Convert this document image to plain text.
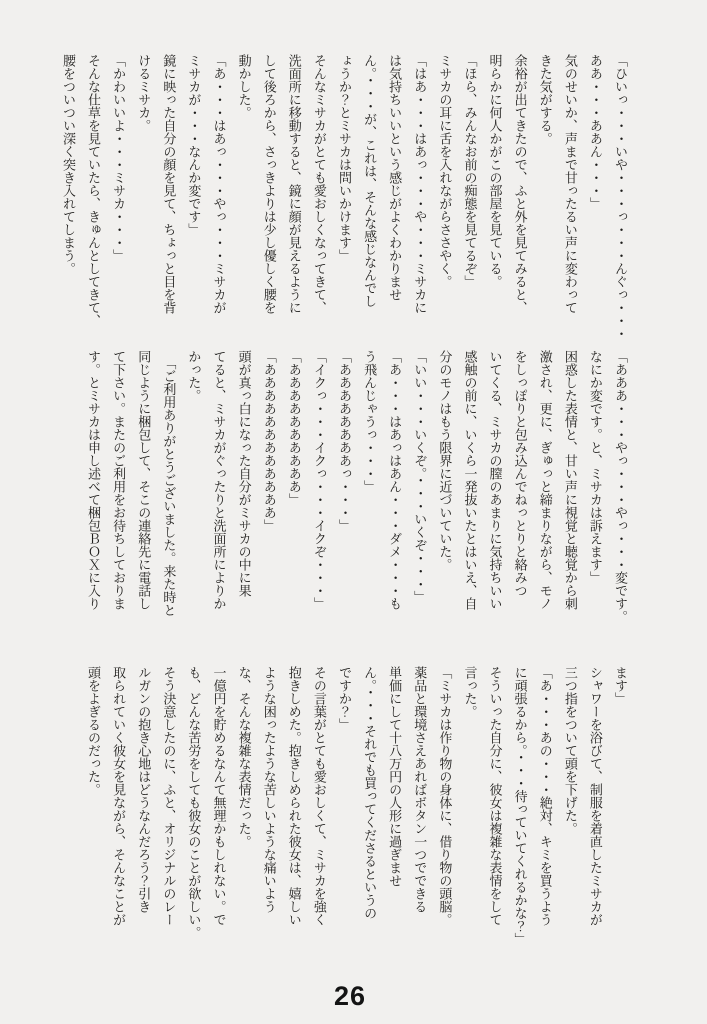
「ひいっ・・・いや・・・っ・・・んぐっ・・・

ああ・・・ああん・・・」

気のせいか、声まで甘ったるい声に変わって

きた気がする。

余裕が出てきたので、ふと外を見てみると、

明らかに何人かがこの部屋を見ている。

「ほら、みんなお前の痴態を見てるぞ」

ミサカの耳に舌を入れながらささやく。

「はあ・・・はあっ・・・や・・・ミサカに

は気持ちいいという感じがよくわかりませ

ん。・・・が、これは、そんな感じなんでし

ょうか？とミサカは問いかけます」

そんなミサカがとても愛おしくなってきて、

洗面所に移動すると、鏡に顔が見えるように

して後ろから、さっきよりは少し優しく腰を

動かした。

「あ・・・はあっ・・・やっ・・・ミサカが

ミサカが・・・なんか変です」

鏡に映った自分の顔を見て、ちょっと目を背

けるミサカ。

「かわいいよ・・・ミサカ・・・」

そんな仕草を見ていたら、きゅんとしてきて、

腰をついつい深く突き入れてしまう。

「あああ・・・やっ・・・やっ・・・変です。

なにか変です。と、ミサカは訴えます」

困惑した表情と、甘い声に視覚と聴覚から刺

激され、更に、ぎゅっと締まりながら、モノ

をしっぽりと包み込んでねっとりと絡みつ

いてくる、ミサカの膣のあまりに気持ちいい

感触の前に、いくら一発抜いたとはいえ、自

分のモノはもう限界に近づいていた。

「いい・・・いくぞ。・・・いくぞ・・・」

「あ・・・はあっはあん・・・ダメ・・・も

う飛んじゃうっ・・・」

「ああああああああっ・・・」

「イクっ・・・イクっ・・・イクぞ・・・」

「ああああああああああ」

「ああああああああああああ」

頭が真っ白になった自分がミサカの中に果

てると、ミサカがぐったりと洗面所によりか

かった。

　「ご利用ありがとうございました。来た時と

同じように梱包して、そこの連絡先に電話し

て下さい。またのご利用をお待ちしておりま

す。とミサカは申し述べて梱包ＢＯＸに入り

ます」

シャワーを浴びて、制服を着直したミサカが

三つ指をついて頭を下げた。

「あ・・・あの・・・絶対、キミを買うよう

に頑張るから。・・・待っていてくれるかな？」

そういった自分に、彼女は複雑な表情をして

言った。

「ミサカは作り物の身体に、借り物の頭脳。

薬品と環境さえあればボタン一つでできる

単価にして十八万円の人形に過ぎませ

ん。・・・それでも買ってくださるというの

ですか？」

その言葉がとても愛おしくて、ミサカを強く

抱きしめた。抱きしめられた彼女は、嬉しい

ような困ったような苦しいような痛いよう

な、そんな複雑な表情だった。

一億円を貯めるなんて無理かもしれない。で

も、どんな苦労をしても彼女のことが欲しい。

そう決意したのに、ふと、オリジナルのレー

ルガンの抱き心地はどうなんだろう？引き

取られていく彼女を見ながら、そんなことが

頭をよぎるのだった。

26
